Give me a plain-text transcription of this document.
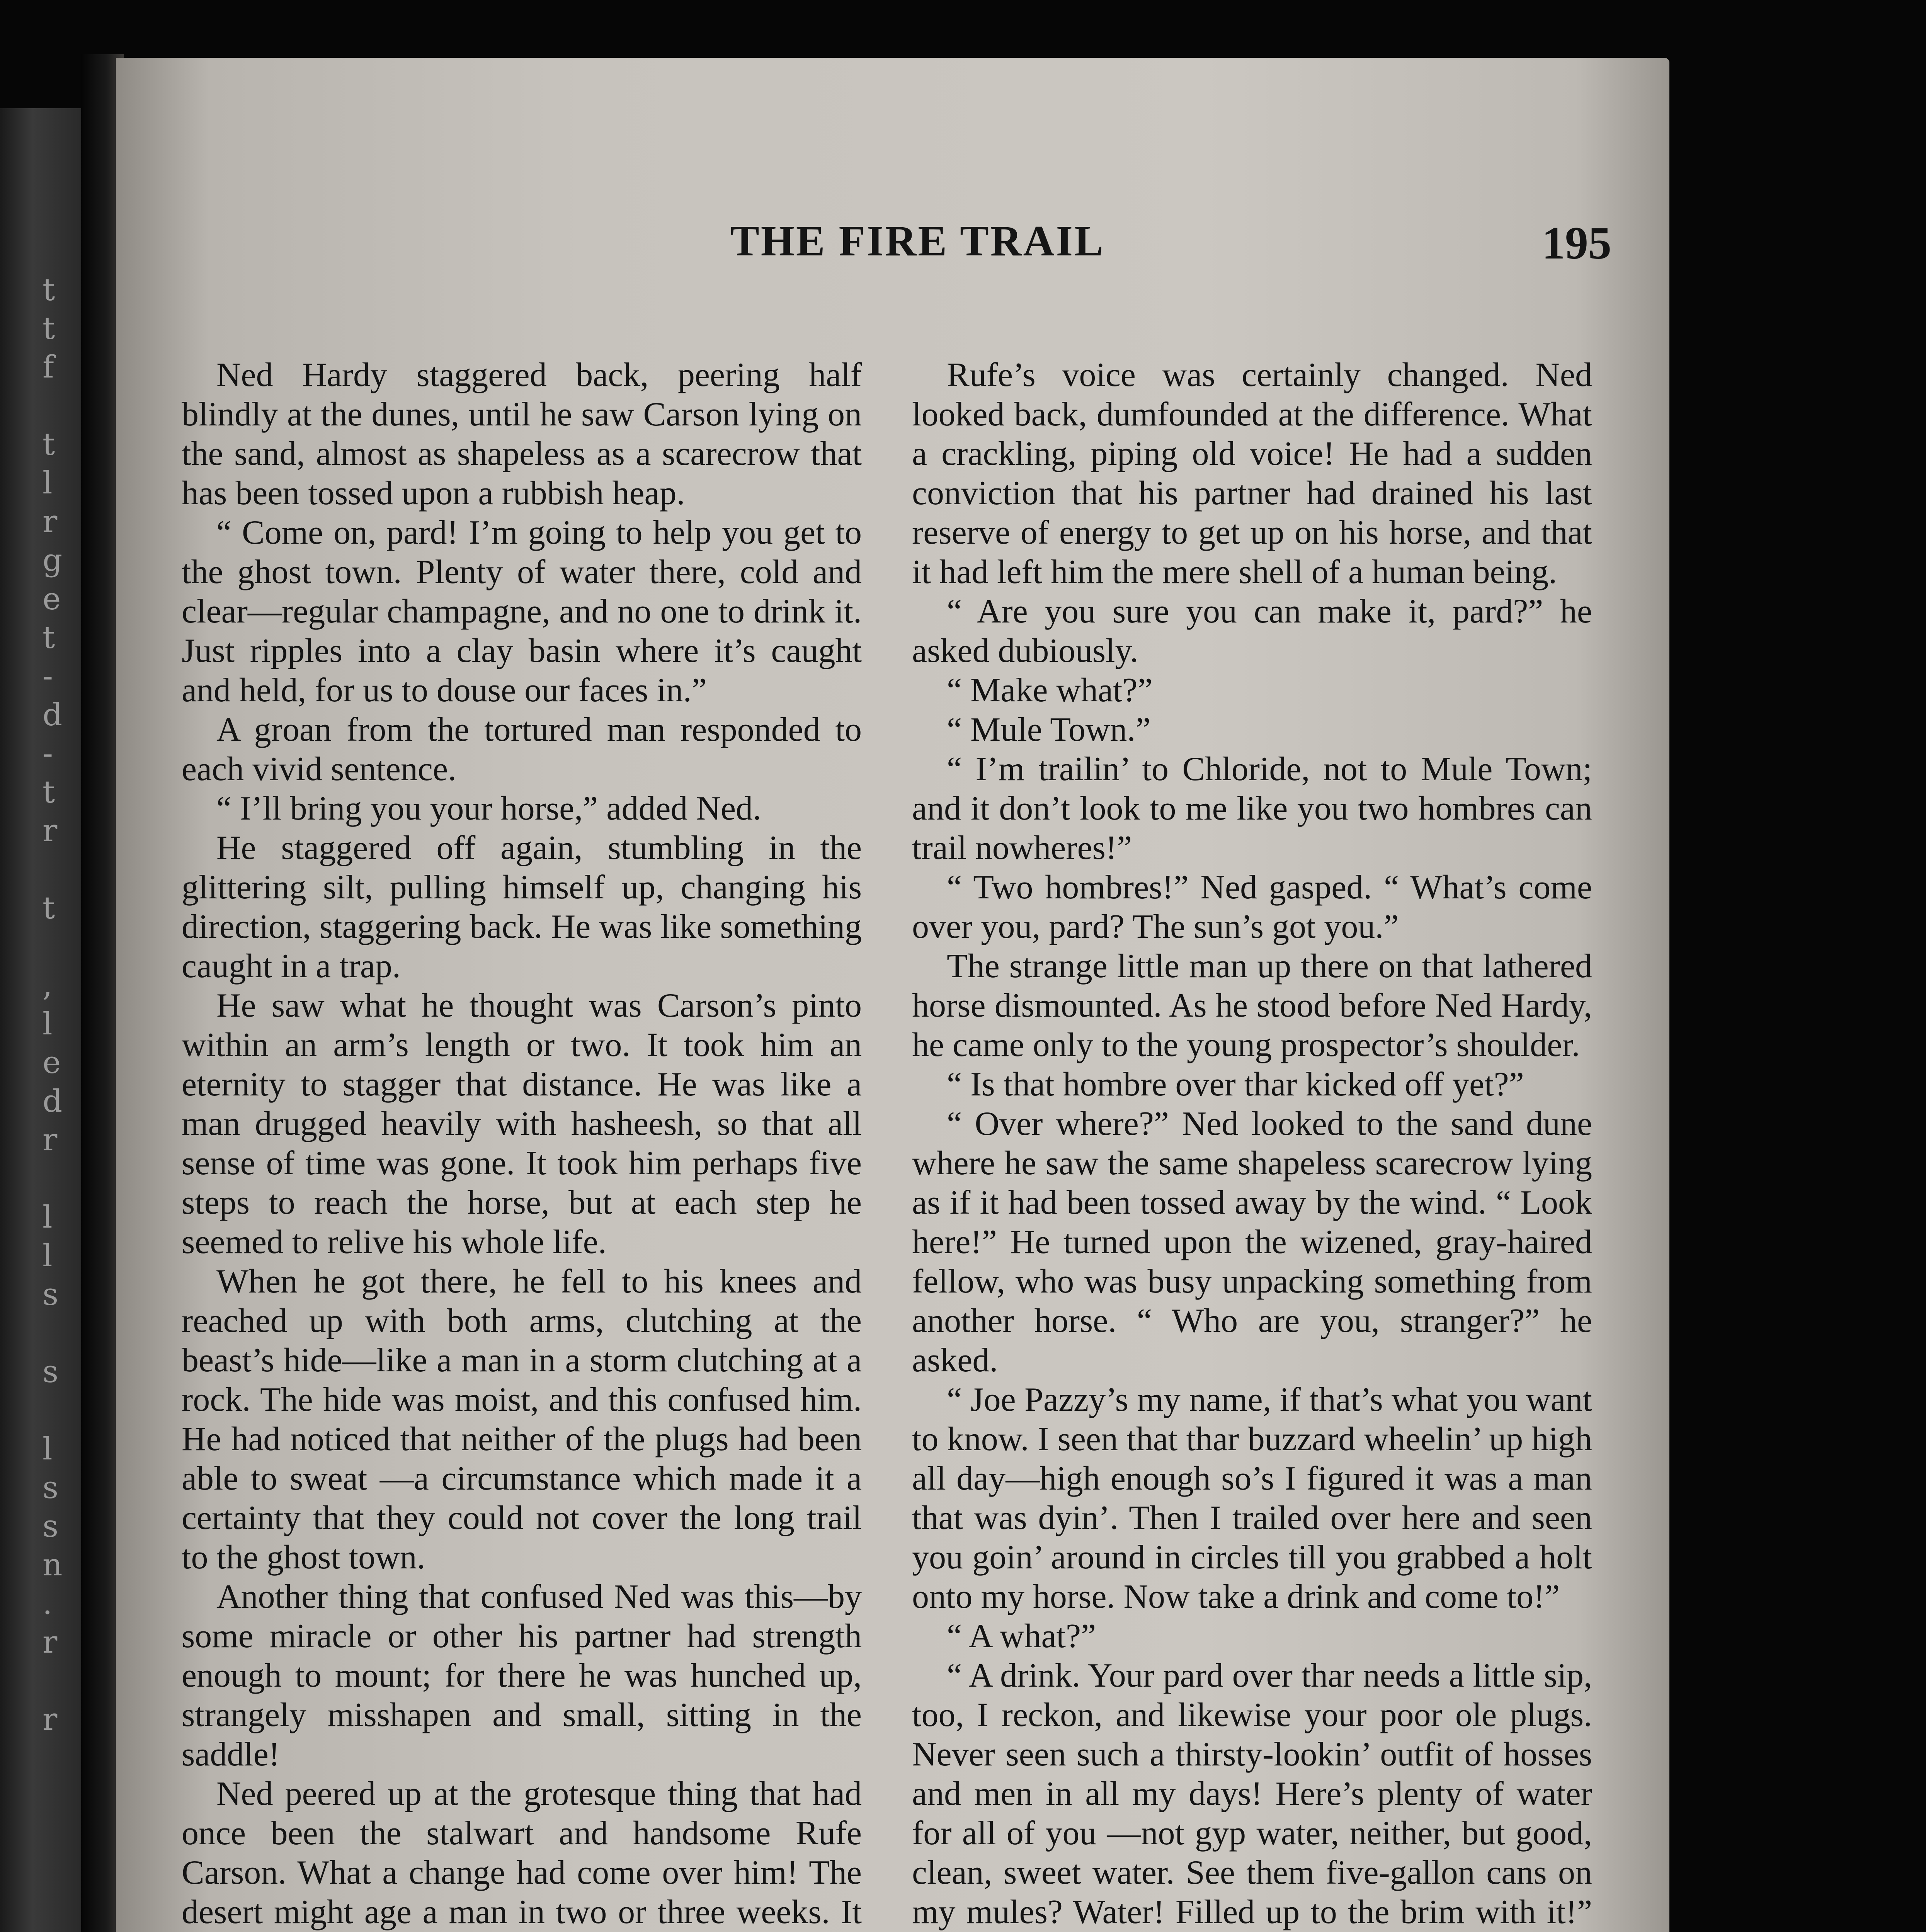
t
t
f

t
l
r
g
e
t
-
d
-
t
r

t

,
l
e
d
r

l
l
s

s

l
s
s
n
.
r

r
THE FIRE TRAIL	195

Ned Hardy staggered back, peering half blindly at the dunes, until he saw Carson lying on the sand, almost as shapeless as a scarecrow that has been tossed upon a rubbish heap.

“ Come on, pard! I’m going to help you get to the ghost town. Plenty of water there, cold and clear—regular champagne, and no one to drink it. Just ripples into a clay basin where it’s caught and held, for us to douse our faces in.”

A groan from the tortured man responded to each vivid sentence.

“ I’ll bring you your horse,” added Ned.

He staggered off again, stumbling in the glittering silt, pulling himself up, changing his direction, staggering back. He was like something caught in a trap.

He saw what he thought was Carson’s pinto within an arm’s length or two. It took him an eternity to stagger that distance. He was like a man drugged heavily with hasheesh, so that all sense of time was gone. It took him perhaps five steps to reach the horse, but at each step he seemed to relive his whole life.

When he got there, he fell to his knees and reached up with both arms, clutching at the beast’s hide—like a man in a storm clutching at a rock. The hide was moist, and this confused him. He had noticed that neither of the plugs had been able to sweat —a circumstance which made it a certainty that they could not cover the long trail to the ghost town.

Another thing that confused Ned was this—by some miracle or other his partner had strength enough to mount; for there he was hunched up, strangely misshapen and small, sitting in the saddle!

Ned peered up at the grotesque thing that had once been the stalwart and handsome Rufe Carson. What a change had come over him! The desert might age a man in two or three weeks. It

Rufe’s voice was certainly changed. Ned looked back, dumfounded at the difference. What a crackling, piping old voice! He had a sudden conviction that his partner had drained his last reserve of energy to get up on his horse, and that it had left him the mere shell of a human being.

“ Are you sure you can make it, pard?” he asked dubiously.

“ Make what?”

“ Mule Town.”

“ I’m trailin’ to Chloride, not to Mule Town; and it don’t look to me like you two hombres can trail nowheres!”

“ Two hombres!” Ned gasped. “ What’s come over you, pard? The sun’s got you.”

The strange little man up there on that lathered horse dismounted. As he stood before Ned Hardy, he came only to the young prospector’s shoulder.

“ Is that hombre over thar kicked off yet?”

“ Over where?” Ned looked to the sand dune where he saw the same shapeless scarecrow lying as if it had been tossed away by the wind. “ Look here!” He turned upon the wizened, gray-haired fellow, who was busy unpacking something from another horse. “ Who are you, stranger?” he asked.

“ Joe Pazzy’s my name, if that’s what you want to know. I seen that thar buzzard wheelin’ up high all day—high enough so’s I figured it was a man that was dyin’. Then I trailed over here and seen you goin’ around in circles till you grabbed a holt onto my horse. Now take a drink and come to!”

“ A what?”

“ A drink. Your pard over thar needs a little sip, too, I reckon, and likewise your poor ole plugs. Never seen such a thirsty-lookin’ outfit of hosses and men in all my days! Here’s plenty of water for all of you —not gyp water, neither, but good, clean, sweet water. See them five-gallon cans on my mules? Water! Filled up to the brim with it!”
